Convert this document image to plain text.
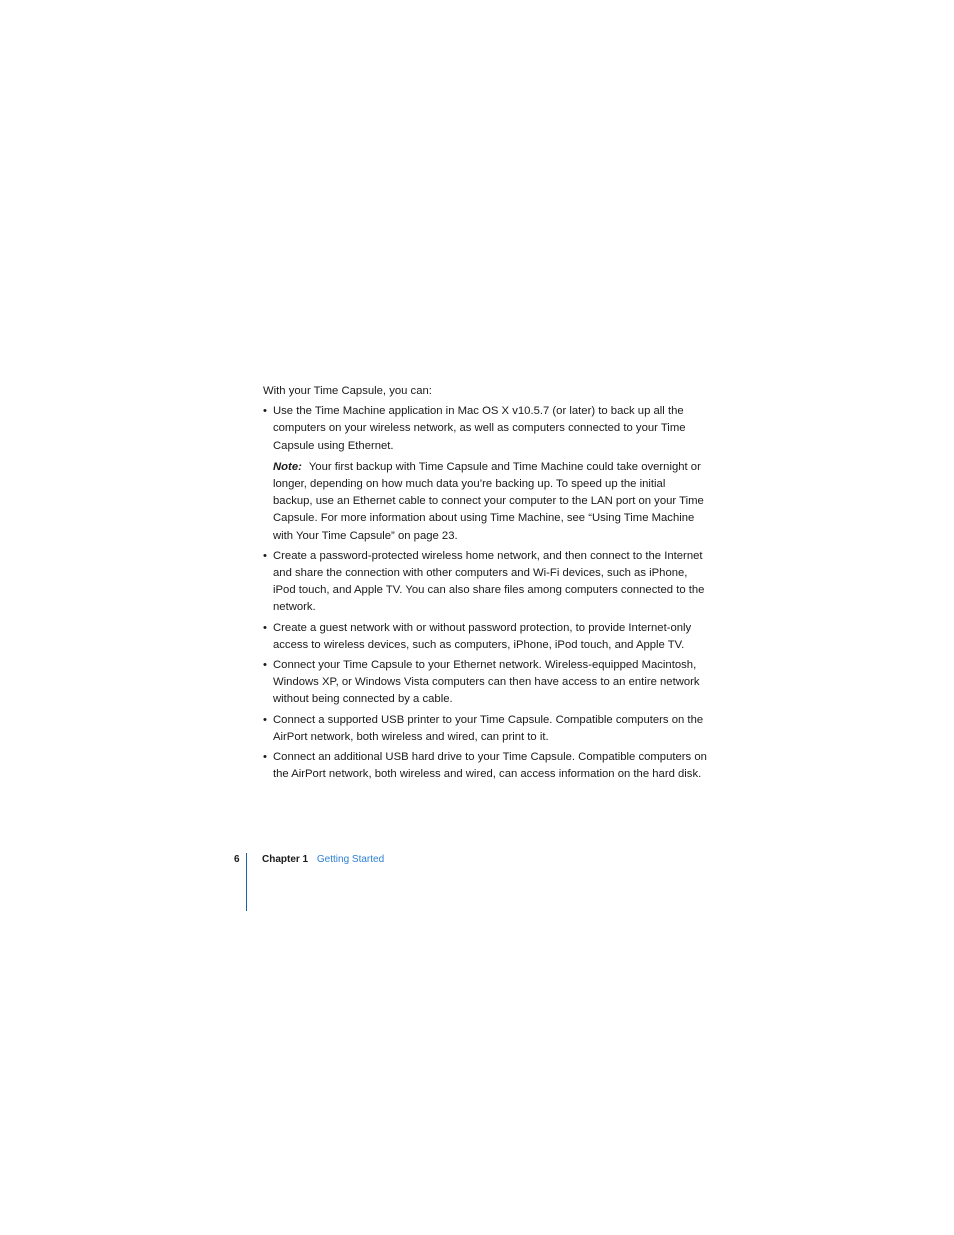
With your Time Capsule, you can:

• Use the Time Machine application in Mac OS X v10.5.7 (or later) to back up all the computers on your wireless network, as well as computers connected to your Time Capsule using Ethernet.

Note: Your first backup with Time Capsule and Time Machine could take overnight or longer, depending on how much data you’re backing up. To speed up the initial backup, use an Ethernet cable to connect your computer to the LAN port on your Time Capsule. For more information about using Time Machine, see “Using Time Machine with Your Time Capsule” on page 23.

• Create a password-protected wireless home network, and then connect to the Internet and share the connection with other computers and Wi-Fi devices, such as iPhone, iPod touch, and Apple TV. You can also share files among computers connected to the network.
• Create a guest network with or without password protection, to provide Internet-only access to wireless devices, such as computers, iPhone, iPod touch, and Apple TV.
• Connect your Time Capsule to your Ethernet network. Wireless-equipped Macintosh, Windows XP, or Windows Vista computers can then have access to an entire network without being connected by a cable.
• Connect a supported USB printer to your Time Capsule. Compatible computers on the AirPort network, both wireless and wired, can print to it.
• Connect an additional USB hard drive to your Time Capsule. Compatible computers on the AirPort network, both wireless and wired, can access information on the hard disk.
6 Chapter 1 Getting Started
